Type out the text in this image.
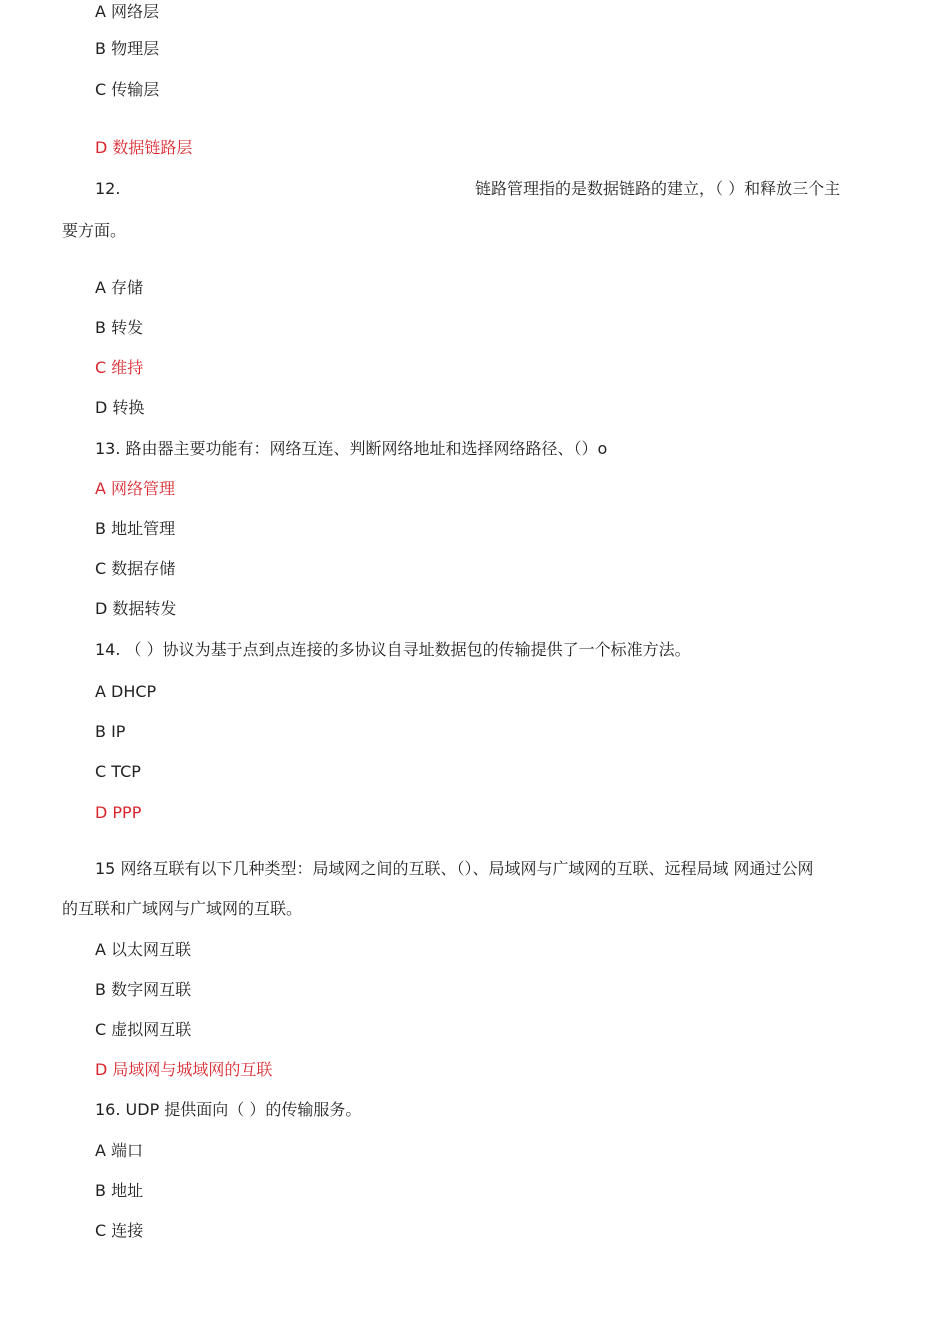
A 网络层
B 物理层
C 传输层
D 数据链路层
12.	链路管理指的是数据链路的建立，（ ）和释放三个主
要方面。
A 存储
B 转发
C 维持
D 转换
13. 路由器主要功能有：网络互连、判断网络地址和选择网络路径、（）o
A 网络管理
B 地址管理
C 数据存储
D 数据转发
14. （ ）协议为基于点到点连接的多协议自寻址数据包的传输提供了一个标准方法。
A DHCP
B IP
C TCP
D PPP
15 网络互联有以下几种类型：局域网之间的互联、（）、局域网与广域网的互联、远程局域 网通过公网
的互联和广域网与广域网的互联。
A 以太网互联
B 数字网互联
C 虚拟网互联
D 局域网与城域网的互联
16. UDP 提供面向（ ）的传输服务。
A 端口
B 地址
C 连接
